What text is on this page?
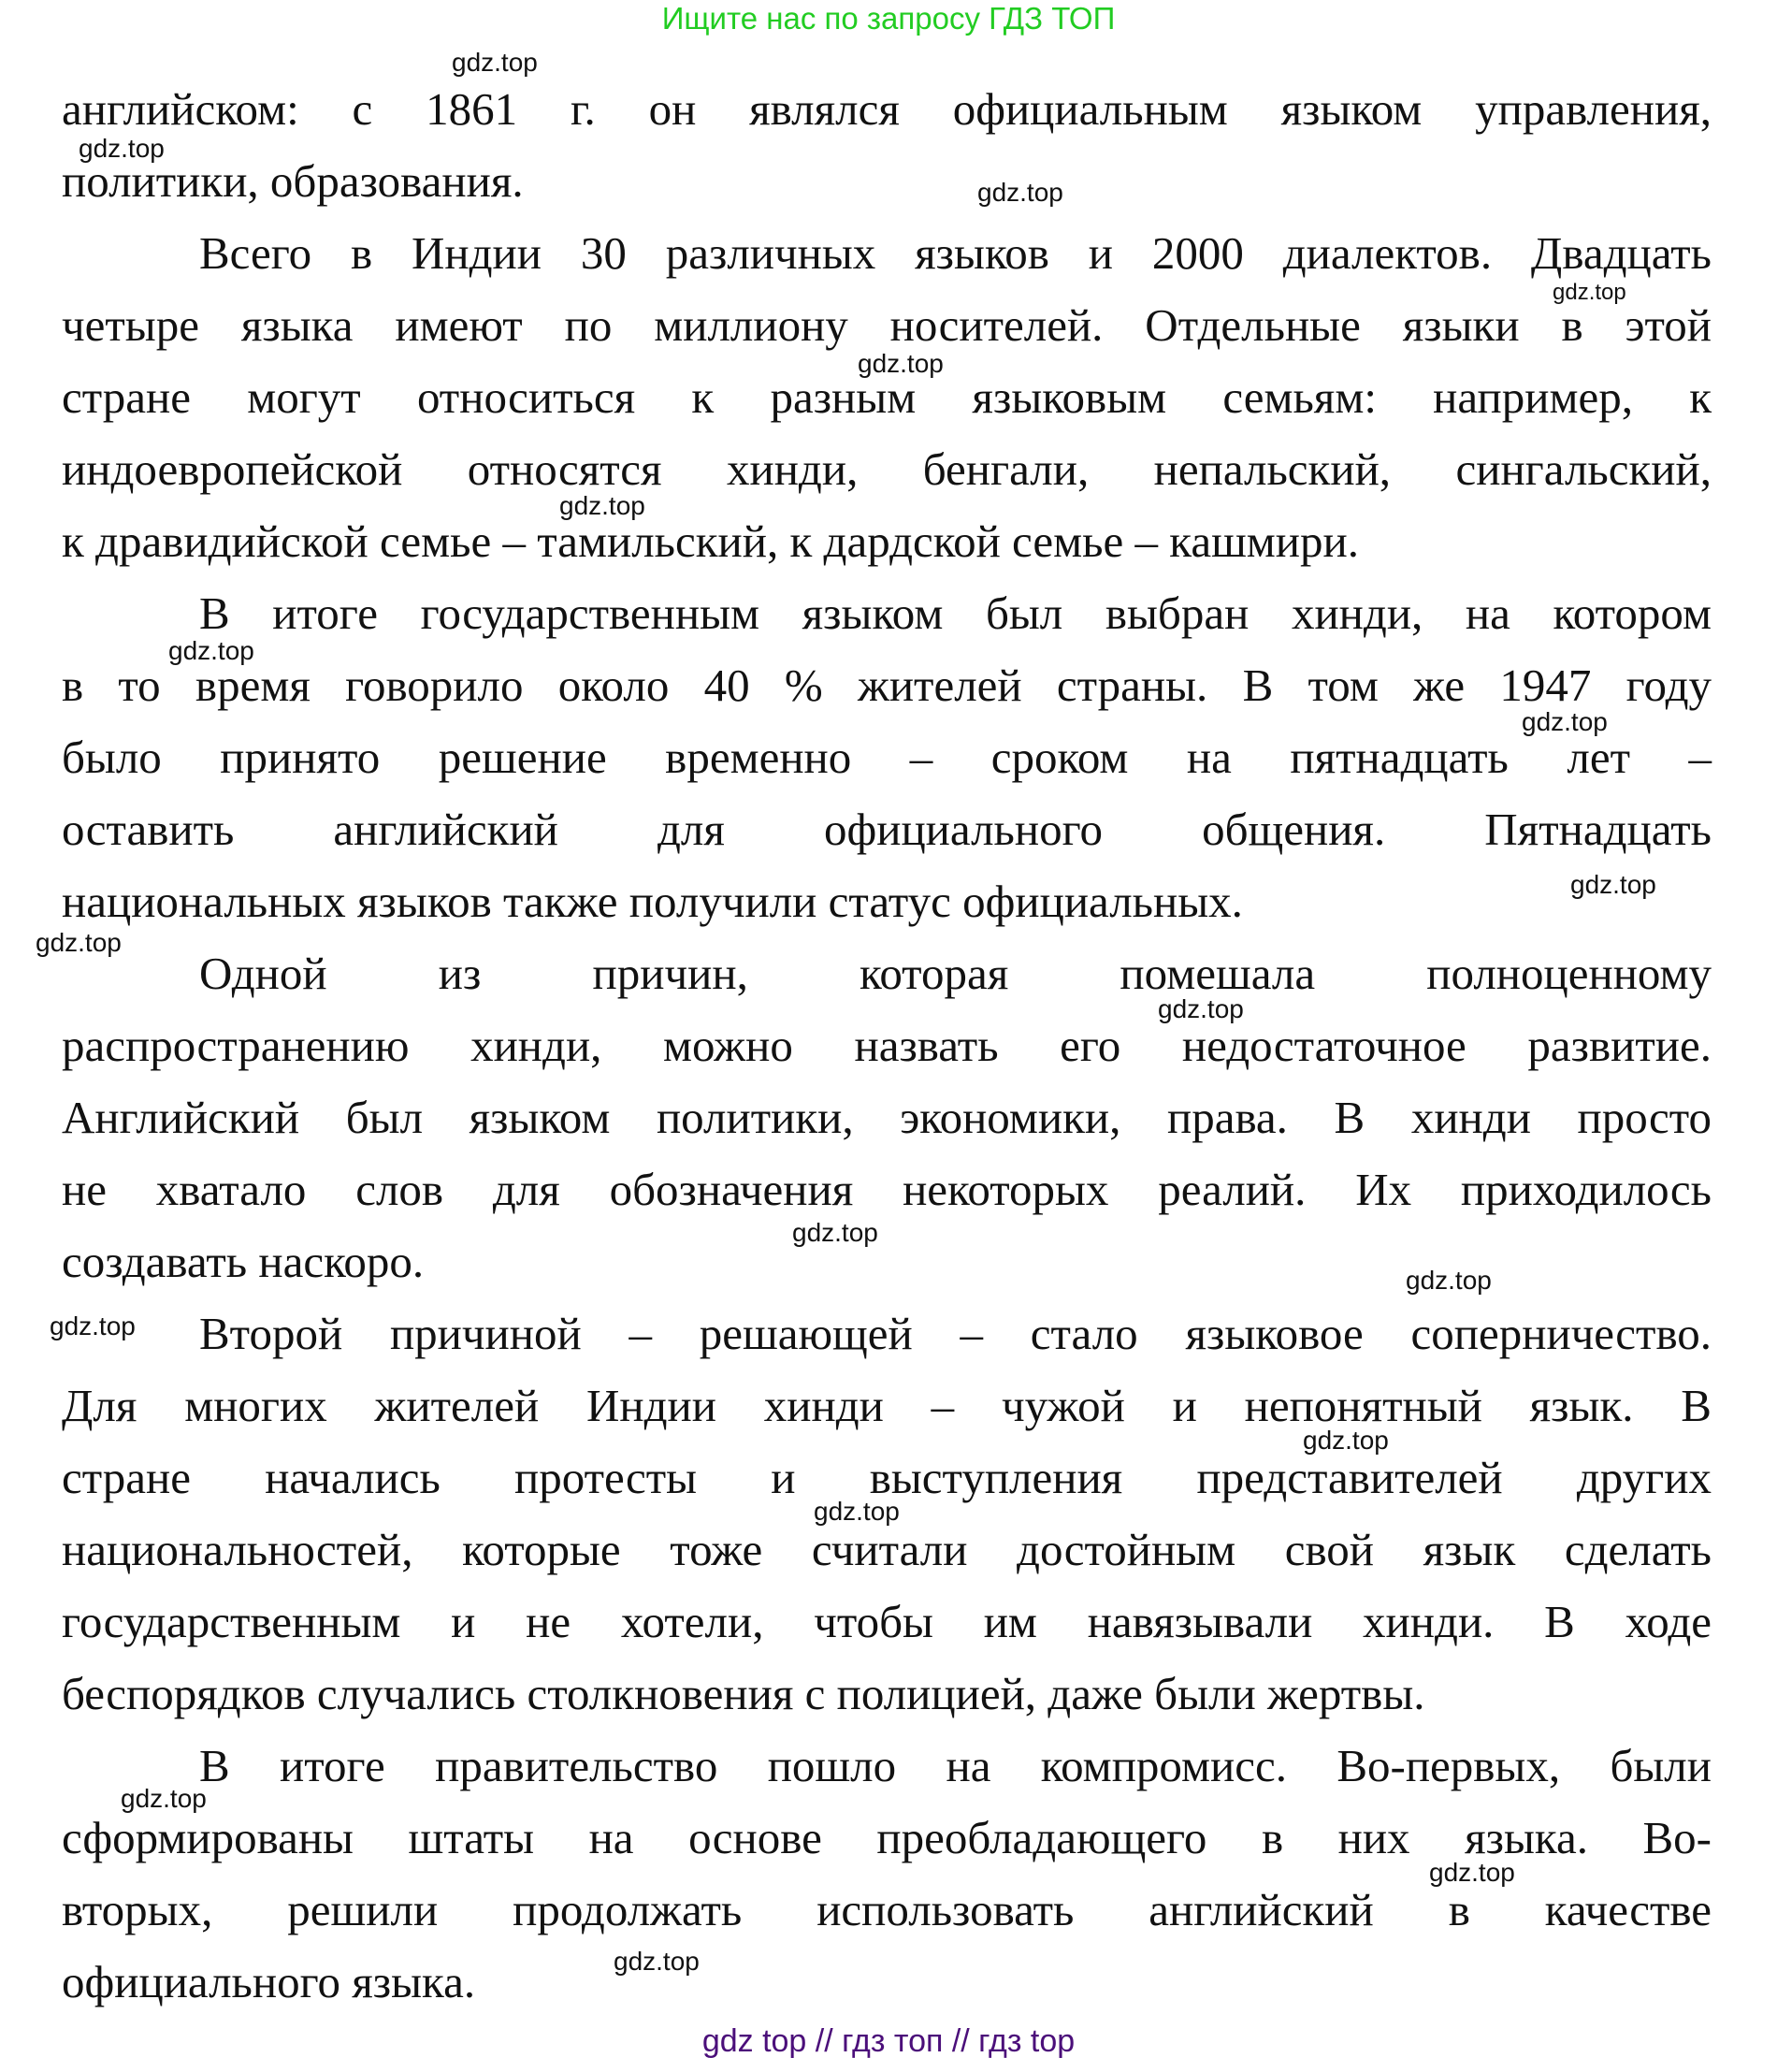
Ищите нас по запросу ГДЗ ТОП
английском: с 1861 г. он являлся официальным языком управления,
политики, образования.
Всего в Индии 30 различных языков и 2000 диалектов. Двадцать
четыре языка имеют по миллиону носителей. Отдельные языки в этой
стране могут относиться к разным языковым семьям: например, к
индоевропейской относятся хинди, бенгали, непальский, сингальский,
к дравидийской семье – тамильский, к дардской семье – кашмири.
В итоге государственным языком был выбран хинди, на котором
в то время говорило около 40 % жителей страны. В том же 1947 году
было принято решение временно – сроком на пятнадцать лет –
оставить английский для официального общения. Пятнадцать
национальных языков также получили статус официальных.
Одной из причин, которая помешала полноценному
распространению хинди, можно назвать его недостаточное развитие.
Английский был языком политики, экономики, права. В хинди просто
не хватало слов для обозначения некоторых реалий. Их приходилось
создавать наскоро.
Второй причиной – решающей – стало языковое соперничество.
Для многих жителей Индии хинди – чужой и непонятный язык. В
стране начались протесты и выступления представителей других
национальностей, которые тоже считали достойным свой язык сделать
государственным и не хотели, чтобы им навязывали хинди. В ходе
беспорядков случались столкновения с полицией, даже были жертвы.
В итоге правительство пошло на компромисс. Во-первых, были
сформированы штаты на основе преобладающего в них языка. Во-
вторых, решили продолжать использовать английский в качестве
официального языка.
gdz.top
gdz.top
gdz.top
gdz.top
gdz.top
gdz.top
gdz.top
gdz.top
gdz.top
gdz.top
gdz.top
gdz.top
gdz.top
gdz.top
gdz.top
gdz.top
gdz.top
gdz.top
gdz.top
gdz top // гдз топ // гдз top
